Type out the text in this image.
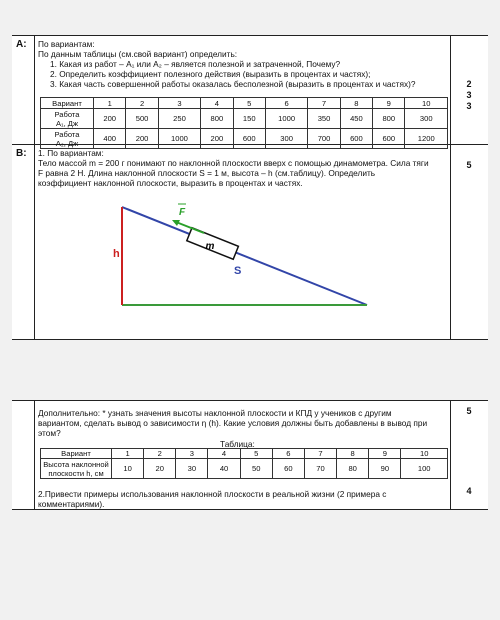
A: По вариантам:
По данным таблицы (см.свой вариант) определить:
1. Какая из работ – А₁ или А₂ – является полезной и затраченной, Почему?
2. Определить коэффициент полезного действия (выразить в процентах и частях);
3. Какая часть совершенной работы оказалась бесполезной (выразить в процентах и частях)?	2
3
3
Вариант	1	2	3	4	5	6	7	8	9	10
Работа
A₁, Дж	200	500	250	800	150	1000	350	450	800	300
Работа
A₂, Дж	400	200	1000	200	600	300	700	600	600	1200
B: 1. По вариантам:
Тело массой m = 200 г понимают по наклонной плоскости вверх с помощью динамометра. Сила тяги
F равна 2 Н. Длина наклонной плоскости S = 1 м, высота – h (см.таблицу). Определить
коэффициент наклонной плоскости, выразить в процентах и частях.
5
m
F
h
S
Дополнительно: * узнать значения высоты наклонной плоскости и КПД у учеников с другим
вариантом, сделать вывод о зависимости η (h). Какие условия должны быть добавлены в вывод при
этом?
5
Таблица:
Вариант	1	2	3	4	5	6	7	8	9	10
Высота наклонной
плоскости h, см	10	20	30	40	50	60	70	80	90	100
2.Привести примеры использования наклонной плоскости в реальной жизни (2 примера с
комментариями).
4
